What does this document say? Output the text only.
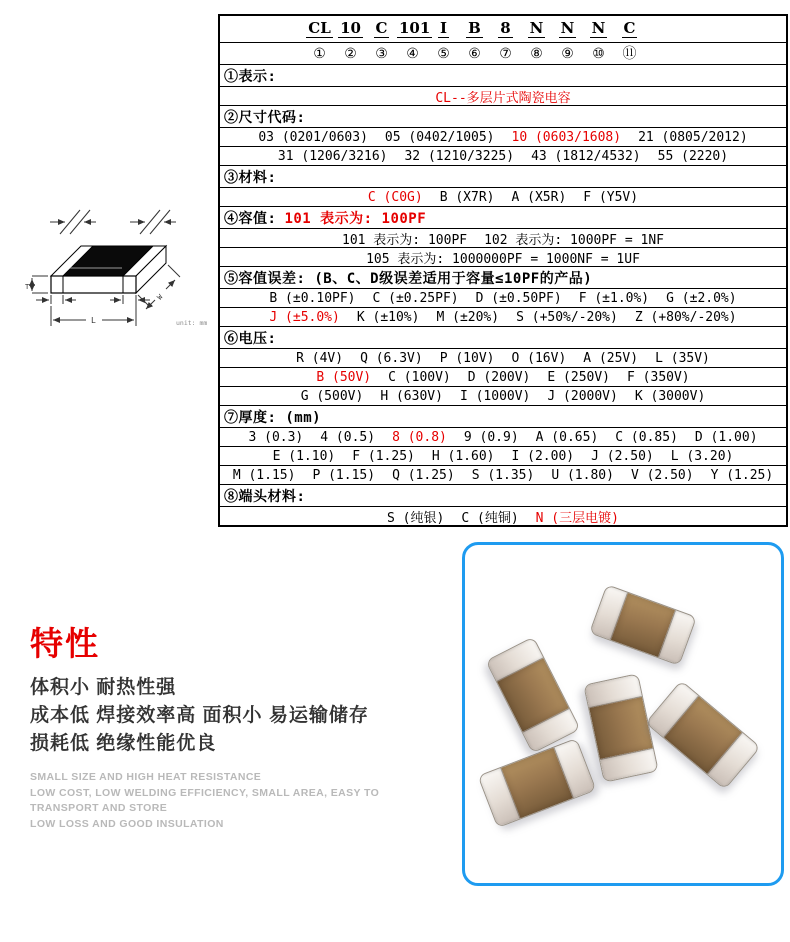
CL 10 C 101 I	B	8	N	N	N	C
①	②	③	④	⑤	⑥	⑦	⑧	⑨	⑩	⑪
①表示:
CL--多层片式陶瓷电容
②尺寸代码:
03 (0201/0603) 05 (0402/1005) 10 (0603/1608) 21 (0805/2012)
31 (1206/3216) 32 (1210/3225) 43 (1812/4532) 55 (2220)
③材料:
C (C0G) B (X7R) A (X5R) F (Y5V)
④容值: 101 表示为: 100PF
101 表示为: 100PF 102 表示为: 1000PF = 1NF
105 表示为: 1000000PF = 1000NF = 1UF
⑤容值误差: (B、C、D级误差适用于容量≤10PF的产品)
B (±0.10PF) C (±0.25PF) D (±0.50PF) F (±1.0%) G (±2.0%)
J (±5.0%) K (±10%) M (±20%) S (+50%/-20%) Z (+80%/-20%)
⑥电压:
R (4V) Q (6.3V) P (10V) O (16V) A (25V) L (35V)
B (50V) C (100V) D (200V) E (250V) F (350V)
G (500V) H (630V) I (1000V) J (2000V) K (3000V)
⑦厚度: (mm)
3 (0.3) 4 (0.5) 8 (0.8) 9 (0.9) A (0.65) C (0.85) D (1.00)
E (1.10) F (1.25) H (1.60) I (2.00) J (2.50) L (3.20)
M (1.15) P (1.15) Q (1.25) S (1.35) U (1.80) V (2.50) Y (1.25)
⑧端头材料:
S (纯银) C (纯铜) N (三层电镀)
T
L
W
unit: mm
特性
体积小 耐热性强
成本低 焊接效率高 面积小 易运输储存
损耗低 绝缘性能优良
SMALL SIZE AND HIGH HEAT RESISTANCE
LOW COST, LOW WELDING EFFICIENCY, SMALL AREA, EASY TO TRANSPORT AND STORE
LOW LOSS AND GOOD INSULATION
